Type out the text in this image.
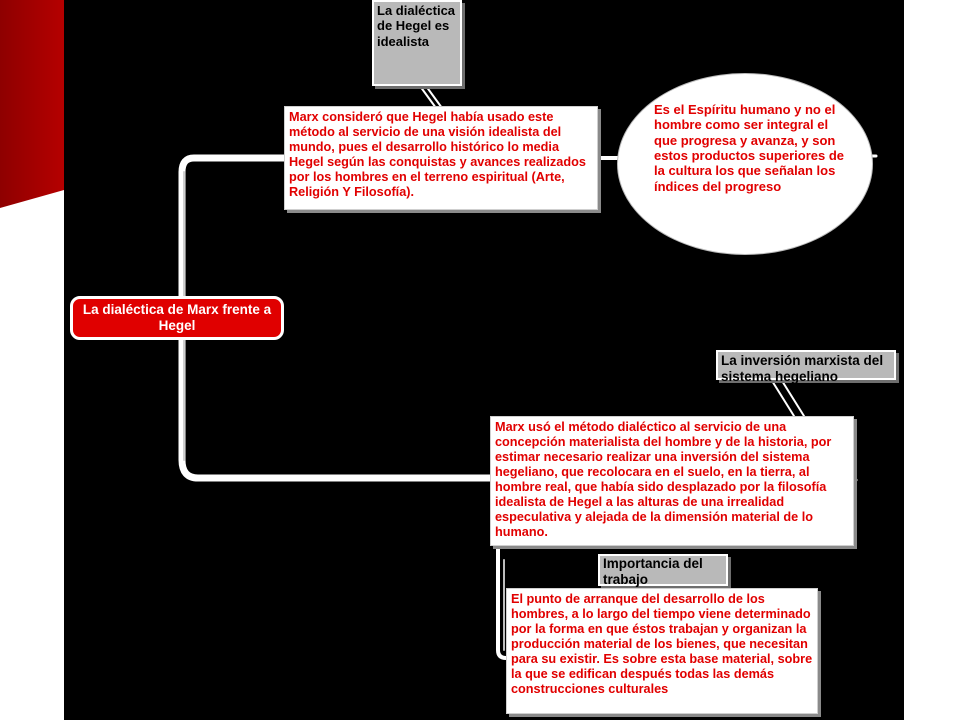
La dialéctica de Marx frente a Hegel
La dialéctica de Hegel es idealista
Marx consideró que Hegel había usado este método al servicio de una visión idealista del mundo, pues el desarrollo histórico lo media Hegel según las conquistas y avances realizados por los hombres en el terreno espiritual (Arte, Religión Y Filosofía).
Es el Espíritu humano y no el hombre como ser integral el que progresa y avanza, y son estos productos superiores de la cultura los que señalan los índices del progreso
La inversión marxista del sistema hegeliano
Marx usó el método dialéctico al servicio de una concepción materialista del hombre y de la historia, por estimar necesario realizar una inversión del sistema hegeliano, que recolocara en el suelo, en la tierra, al hombre real, que había sido desplazado por la filosofía idealista de Hegel a las alturas de una irrealidad especulativa y alejada de la dimensión material de lo humano.
Importancia del trabajo
El punto de arranque del desarrollo de los hombres, a lo largo del tiempo viene determinado por la forma en que éstos trabajan y organizan la producción material de los bienes, que necesitan para su existir. Es sobre esta base material, sobre la que se edifican después todas las demás construcciones culturales
